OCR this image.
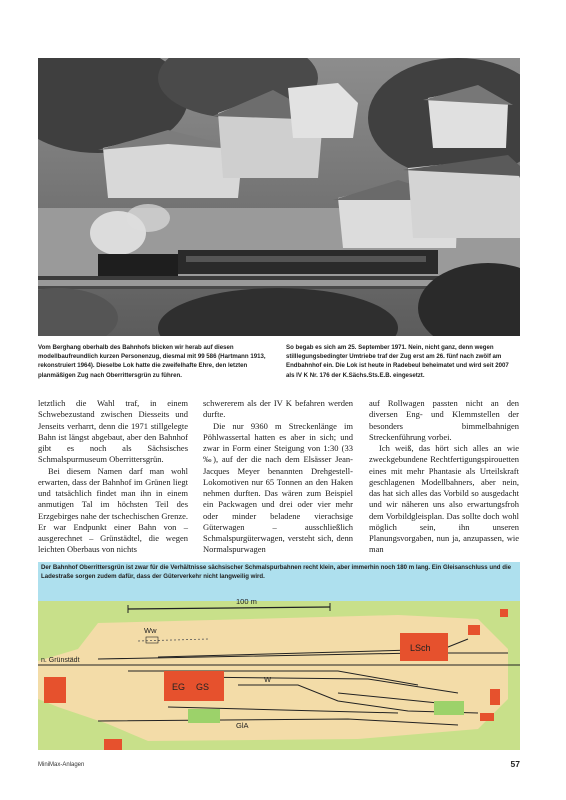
Vom Berghang oberhalb des Bahnhofs blicken wir herab auf diesen modellbaufreundlich kurzen Personenzug, diesmal mit 99 586 (Hartmann 1913, rekonstruiert 1964). Dieselbe Lok hatte die zweifelhafte Ehre, den letzten planmäßigen Zug nach Oberrittersgrün zu führen.
So begab es sich am 25. September 1971. Nein, nicht ganz, denn wegen stilllegungsbedingter Umtriebe traf der Zug erst am 26. fünf nach zwölf am Endbahnhof ein. Die Lok ist heute in Radebeul beheimatet und wird seit 2007 als IV K Nr. 176 der K.Sächs.Sts.E.B. eingesetzt.

letztlich die Wahl traf, in einem Schwebezustand zwischen Diesseits und Jenseits verharrt, denn die 1971 stillgelegte Bahn ist längst abgebaut, aber den Bahnhof gibt es noch als Sächsisches Schmalspurmuseum Oberrittersgrün.

Bei diesem Namen darf man wohl erwarten, dass der Bahnhof im Grünen liegt und tatsächlich findet man ihn in einem anmutigen Tal im höchsten Teil des Erzgebirges nahe der tschechischen Grenze. Er war Endpunkt einer Bahn von – ausgerechnet – Grünstädtel, die wegen leichten Oberbaus von nichts

schwererem als der IV K befahren werden durfte.

Die nur 9360 m Streckenlänge im Pöhlwassertal hatten es aber in sich; und zwar in Form einer Steigung von 1:30 (33 ‰), auf der die nach dem Elsässer Jean-Jacques Meyer benannten Drehgestell-Lokomotiven nur 65 Tonnen an den Haken nehmen durften. Das wären zum Beispiel ein Packwagen und drei oder vier mehr oder minder beladene vierachsige Güterwagen – ausschließlich Schmalspurgüterwagen, versteht sich, denn Normalspurwagen

auf Rollwagen passten nicht an den diversen Eng- und Klemmstellen der besonders bimmelbahnigen Streckenführung vorbei.

Ich weiß, das hört sich alles an wie zweckgebundene Rechtfertigungspirouetten eines mit mehr Phantasie als Urteilskraft geschlagenen Modellbahners, aber nein, das hat sich alles das Vorbild so ausgedacht und wir näheren uns also erwartungsfroh dem Vorbildgleisplan. Das sollte doch wohl möglich sein, ihn unseren Planungsvorgaben, nun ja, anzupassen, wie man

Der Bahnhof Oberrittersgrün ist zwar für die Verhältnisse sächsischer Schmalspurbahnen recht klein, aber immerhin noch 180 m lang. Ein Gleisanschluss und die Ladestraße sorgen zudem dafür, dass der Güterverkehr nicht langweilig wird.
100 m
Ww
n. Grünstädt
LSch
EG GS
W
GlA
MiniMax-Anlagen	57
